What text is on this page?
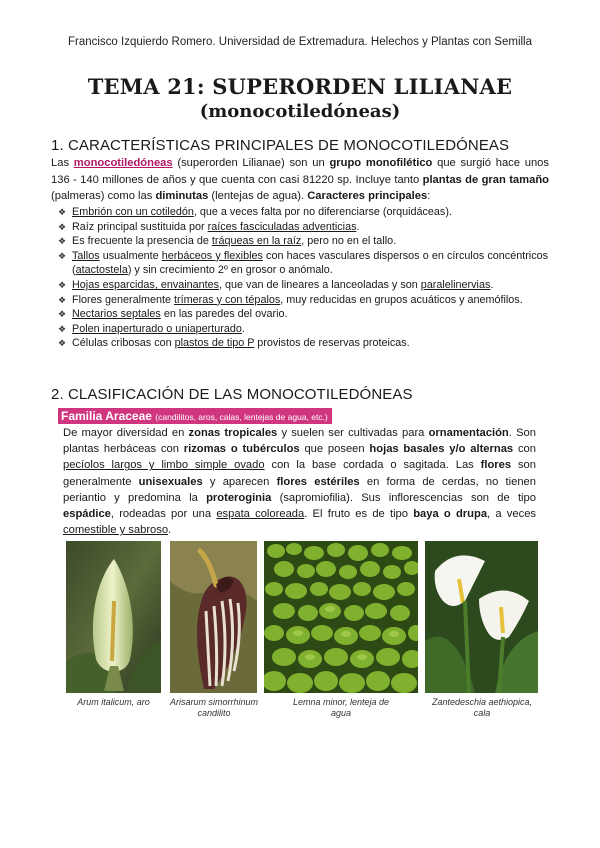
Francisco Izquierdo Romero. Universidad de Extremadura. Helechos y Plantas con Semilla
TEMA 21: SUPERORDEN LILIANAE
(monocotiledóneas)
1. CARACTERÍSTICAS PRINCIPALES DE MONOCOTILEDÓNEAS
Las monocotiledóneas (superorden Lilianae) son un grupo monofilético que surgió hace unos 136 - 140 millones de años y que cuenta con casi 81220 sp. Incluye tanto plantas de gran tamaño (palmeras) como las diminutas (lentejas de agua). Caracteres principales:
❖ Embrión con un cotiledón, que a veces falta por no diferenciarse (orquidáceas).
❖ Raíz principal sustituida por raíces fasciculadas adventicias.
❖ Es frecuente la presencia de tráqueas en la raíz, pero no en el tallo.
❖ Tallos usualmente herbáceos y flexibles con haces vasculares dispersos o en círculos concéntricos (atactostela) y sin crecimiento 2º en grosor o anómalo.
❖ Hojas esparcidas, envainantes, que van de lineares a lanceoladas y son paralelinervias.
❖ Flores generalmente trímeras y con tépalos, muy reducidas en grupos acuáticos y anemófilos.
❖ Nectarios septales en las paredes del ovario.
❖ Polen inaperturado o uniaperturado.
❖ Células cribosas con plastos de tipo P provistos de reservas proteicas.
2. CLASIFICACIÓN DE LAS MONOCOTILEDÓNEAS
Familia Araceae (candilitos, aros, calas, lentejas de agua, etc.)
De mayor diversidad en zonas tropicales y suelen ser cultivadas para ornamentación. Son plantas herbáceas con rizomas o tubérculos que poseen hojas basales y/o alternas con pecíolos largos y limbo simple ovado con la base cordada o sagitada. Las flores son generalmente unisexuales y aparecen flores estériles en forma de cerdas, no tienen periantio y predomina la proteroginia (sapromiofilia). Sus inflorescencias son de tipo espádice, rodeadas por una espata coloreada. El fruto es de tipo baya o drupa, a veces comestible y sabroso.
Arum italicum, aro	Arisarum simorrhinum
candilito
Lemna minor, lenteja de
agua
Zantedeschia aethiopica,
cala
